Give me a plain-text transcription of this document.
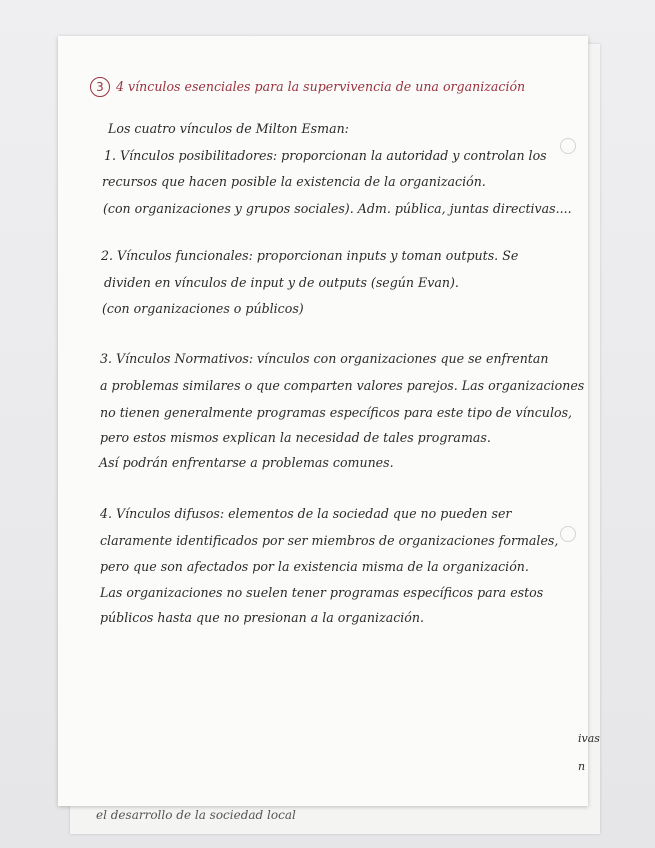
3 4 vínculos esenciales para la supervivencia de una organización
Los cuatro vínculos de Milton Esman:
1. Vínculos posibilitadores: proporcionan la autoridad y controlan los
recursos que hacen posible la existencia de la organización.
(con organizaciones y grupos sociales). Adm. pública, juntas directivas....
2. Vínculos funcionales: proporcionan inputs y toman outputs. Se
dividen en vínculos de input y de outputs (según Evan).
(con organizaciones o públicos)
3. Vínculos Normativos: vínculos con organizaciones que se enfrentan
a problemas similares o que comparten valores parejos. Las organizaciones
no tienen generalmente programas específicos para este tipo de vínculos,
pero estos mismos explican la necesidad de tales programas.
Así podrán enfrentarse a problemas comunes.
4. Vínculos difusos: elementos de la sociedad que no pueden ser
claramente identificados por ser miembros de organizaciones formales,
pero que son afectados por la existencia misma de la organización.
Las organizaciones no suelen tener programas específicos para estos
públicos hasta que no presionan a la organización.
ivas
n
el desarrollo de la sociedad local
